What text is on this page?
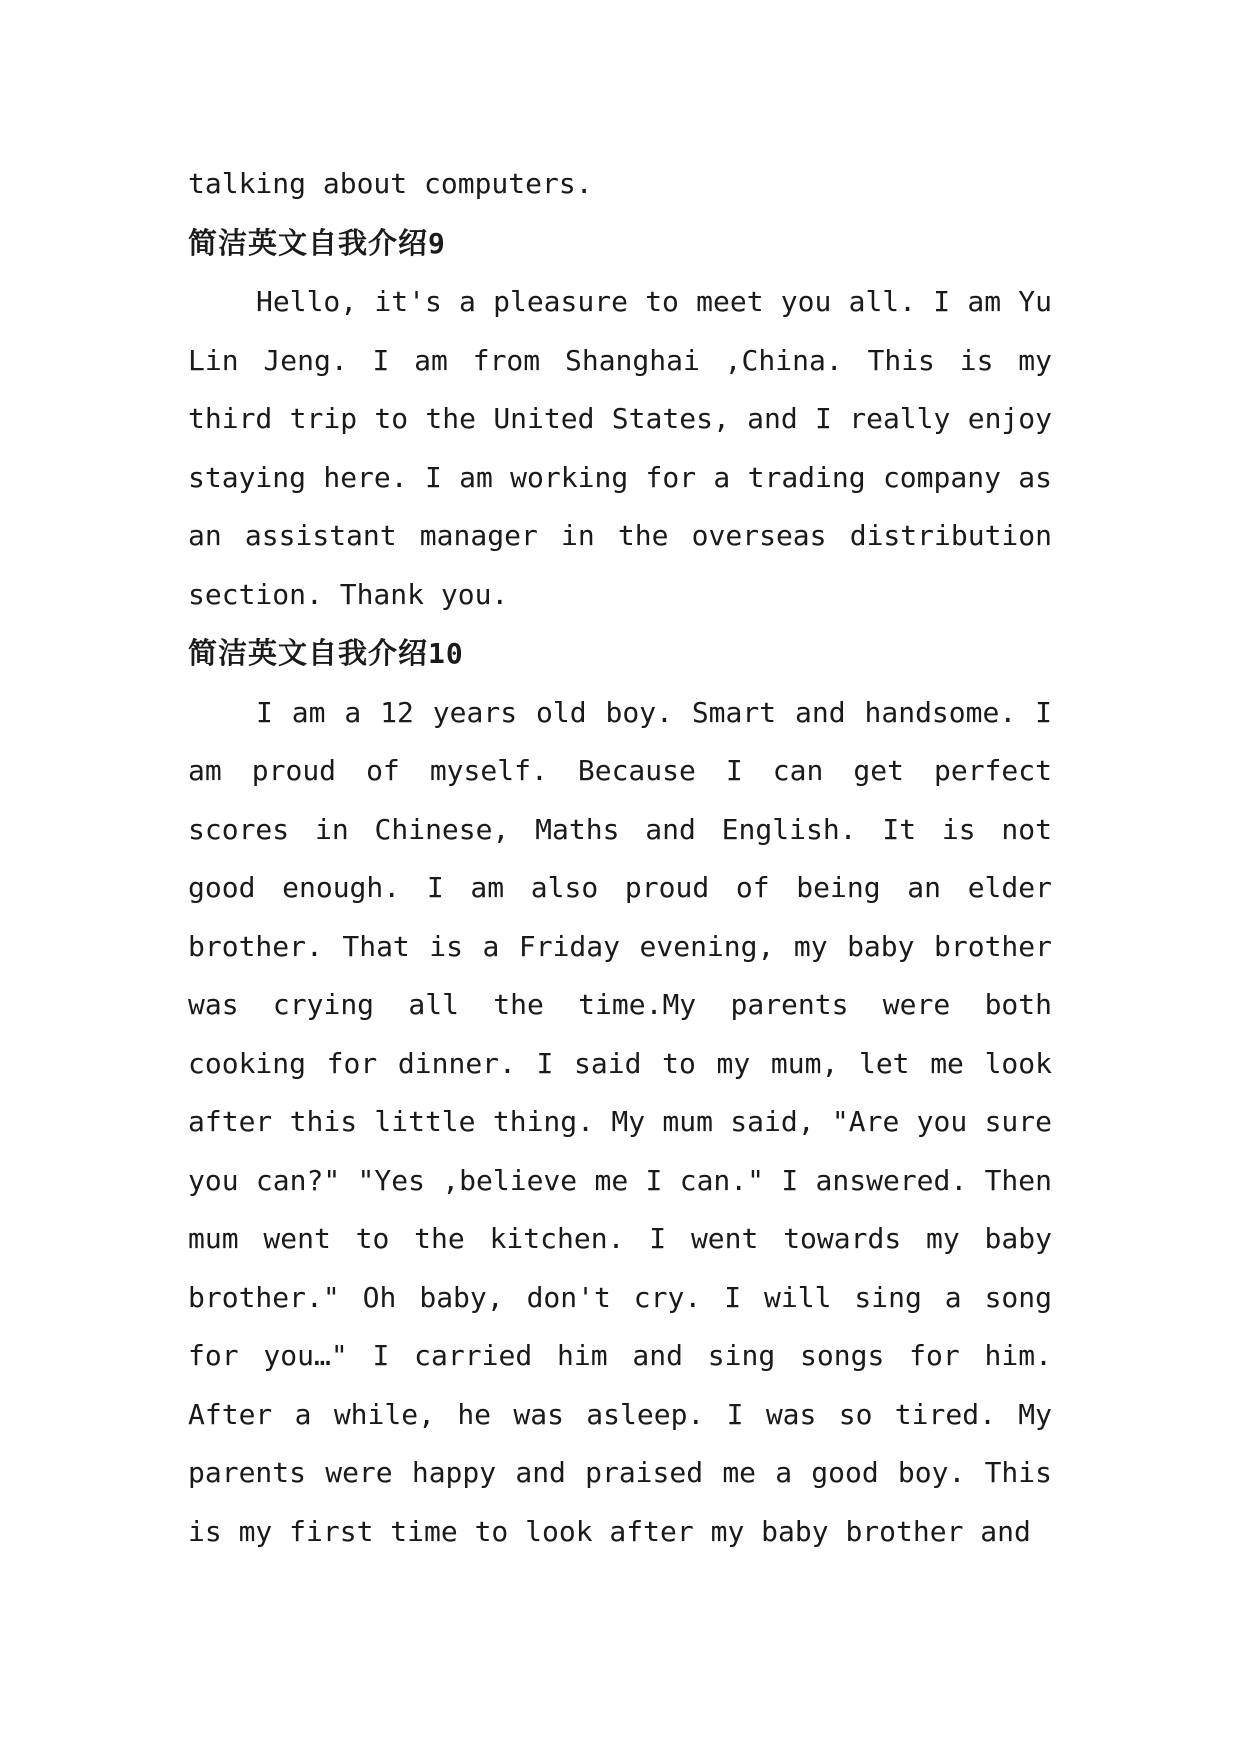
talking about computers.

简洁英文自我介绍9

Hello, it's a pleasure to meet you all. I am Yu Lin Jeng. I am from Shanghai ,China. This is my third trip to the United States, and I really enjoy staying here. I am working for a trading company as an assistant manager in the overseas distribution section. Thank you.

简洁英文自我介绍10

I am a 12 years old boy. Smart and handsome. I am proud of myself. Because I can get perfect scores in Chinese, Maths and English. It is not good enough. I am also proud of being an elder brother. That is a Friday evening, my baby brother was crying all the time.My parents were both cooking for dinner. I said to my mum, let me look after this little thing. My mum said, "Are you sure you can?" "Yes ,believe me I can." I answered. Then mum went to the kitchen. I went towards my baby brother." Oh baby, don't cry. I will sing a song for you…" I carried him and sing songs for him. After a while, he was asleep. I was so tired. My parents were happy and praised me a good boy. This is my first time to look after my baby brother and
